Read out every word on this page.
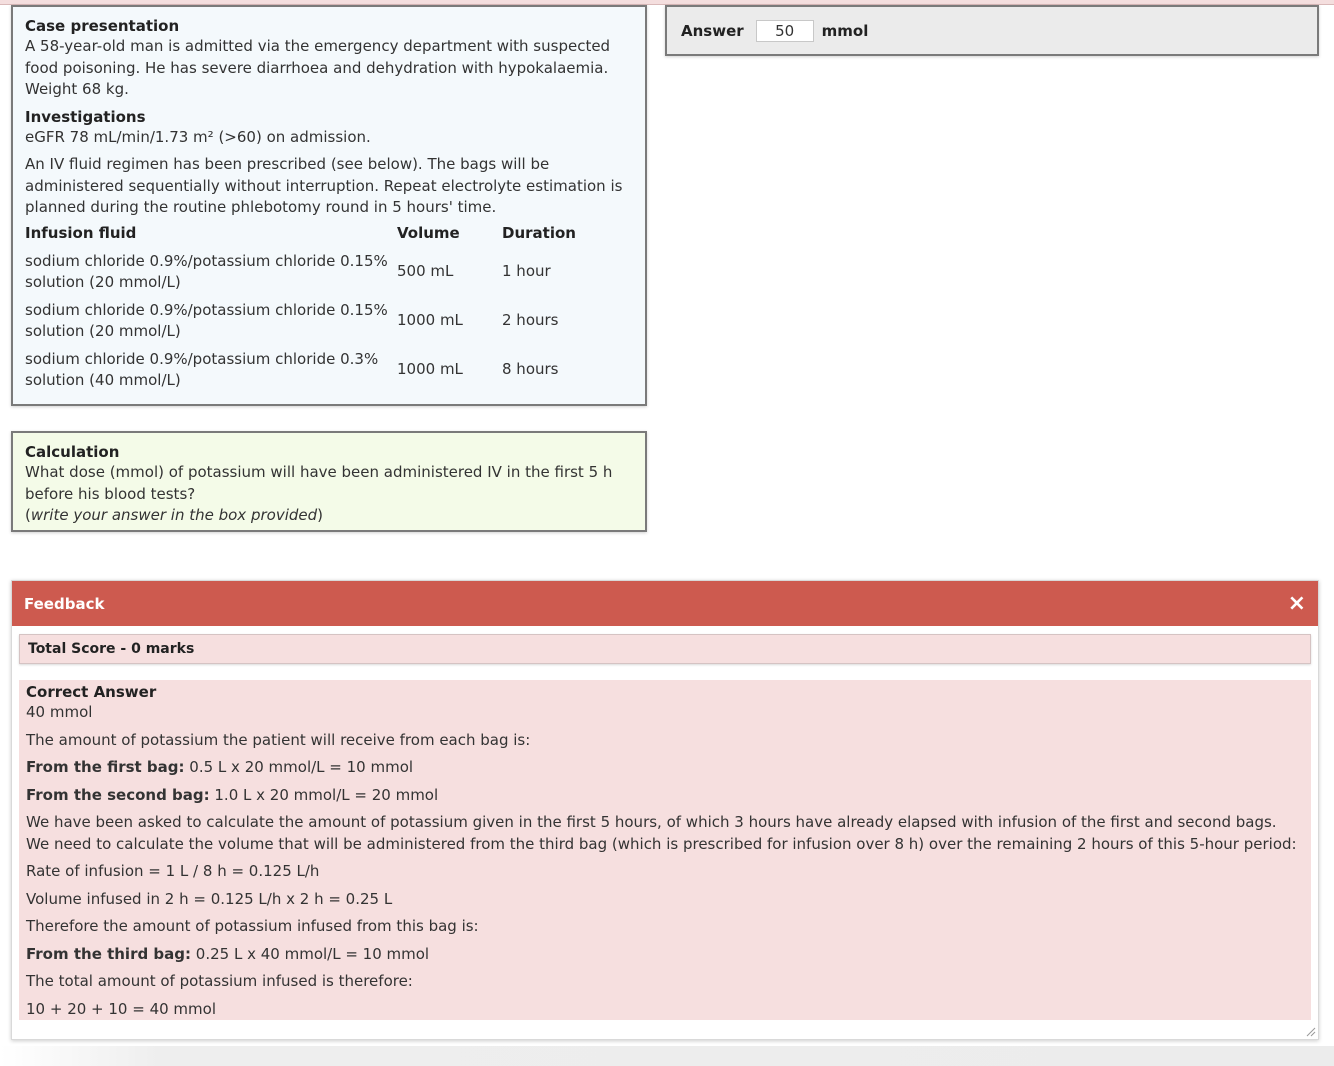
Case presentation

A 58-year-old man is admitted via the emergency department with suspected food poisoning. He has severe diarrhoea and dehydration with hypokalaemia. Weight 68 kg.

Investigations

eGFR 78 mL/min/1.73 m² (>60) on admission.

An IV fluid regimen has been prescribed (see below). The bags will be administered sequentially without interruption. Repeat electrolyte estimation is planned during the routine phlebotomy round in 5 hours' time.

Infusion fluid	Volume	Duration
sodium chloride 0.9%/potassium chloride 0.15% solution (20 mmol/L)	500 mL	1 hour
sodium chloride 0.9%/potassium chloride 0.15% solution (20 mmol/L)	1000 mL	2 hours
sodium chloride 0.9%/potassium chloride 0.3% solution (40 mmol/L)	1000 mL	8 hours
Calculation

What dose (mmol) of potassium will have been administered IV in the first 5 h before his blood tests?

(write your answer in the box provided)

Answer
50	mmol
Feedback	×
Total Score - 0 marks
Correct Answer

40 mmol

The amount of potassium the patient will receive from each bag is:

From the first bag: 0.5 L x 20 mmol/L = 10 mmol

From the second bag: 1.0 L x 20 mmol/L = 20 mmol

We have been asked to calculate the amount of potassium given in the first 5 hours, of which 3 hours have already elapsed with infusion of the first and second bags. We need to calculate the volume that will be administered from the third bag (which is prescribed for infusion over 8 h) over the remaining 2 hours of this 5-hour period:

Rate of infusion = 1 L / 8 h = 0.125 L/h

Volume infused in 2 h = 0.125 L/h x 2 h = 0.25 L

Therefore the amount of potassium infused from this bag is:

From the third bag: 0.25 L x 40 mmol/L = 10 mmol

The total amount of potassium infused is therefore:

10 + 20 + 10 = 40 mmol
